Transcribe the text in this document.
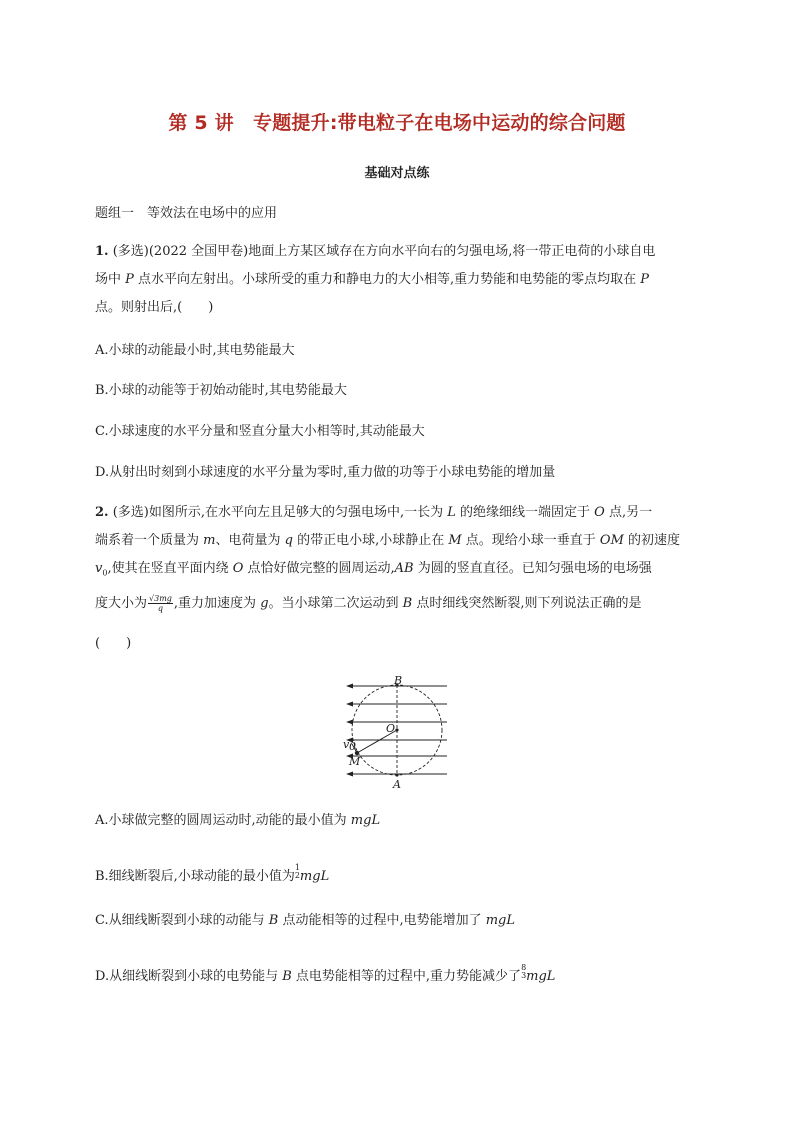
第 5 讲　专题提升:带电粒子在电场中运动的综合问题
基础对点练
题组一　等效法在电场中的应用
1. (多选)(2022 全国甲卷)地面上方某区域存在方向水平向右的匀强电场,将一带正电荷的小球自电
场中 P 点水平向左射出。小球所受的重力和静电力的大小相等,重力势能和电势能的零点均取在 P
点。则射出后,(　　)
A.小球的动能最小时,其电势能最大
B.小球的动能等于初始动能时,其电势能最大
C.小球速度的水平分量和竖直分量大小相等时,其动能最大
D.从射出时刻到小球速度的水平分量为零时,重力做的功等于小球电势能的增加量
2. (多选)如图所示,在水平向左且足够大的匀强电场中,一长为 L 的绝缘细线一端固定于 O 点,另一
端系着一个质量为 m、电荷量为 q 的带正电小球,小球静止在 M 点。现给小球一垂直于 OM 的初速度
$v_0$,使其在竖直平面内绕 O 点恰好做完整的圆周运动,AB 为圆的竖直直径。已知匀强电场的电场强
度大小为 $\frac{√3mg}{q}$ ,重力加速度为 g。当小球第二次运动到 B 点时细线突然断裂,则下列说法正确的是
(　　)
B
O
v 0
M
A
A.小球做完整的圆周运动时,动能的最小值为 mgL
B.细线断裂后,小球动能的最小值为
1
2 mgL
C.从细线断裂到小球的动能与 B 点动能相等的过程中,电势能增加了 mgL
D.从细线断裂到小球的电势能与 B 点电势能相等的过程中,重力势能减少了
8
3 mgL
